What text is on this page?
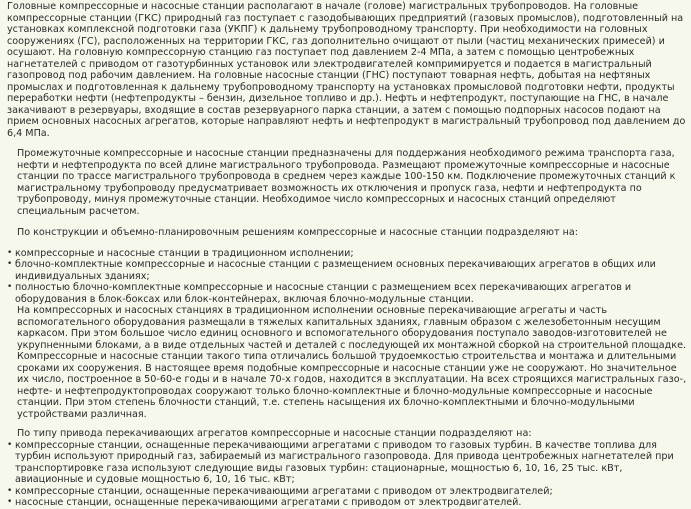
Головные компрессорные и насосные станции располагают в начале (голове) магистральных трубопроводов. На головные компрессорные станции (ГКС) природный газ поступает с газодобывающих предприятий (газовых промыслов), подготовленный на установках комплексной подготовки газа (УКПГ) к дальнему трубопроводному транспорту. При необходимости на головных сооружениях (ГС), расположенных на территории ГКС, газ дополнительно очищают от пыли (частиц механических примесей) и осушают. На головную компрессорную станцию газ поступает под давлением 2-4 МПа, а затем с помощью центробежных нагнетателей с приводом от газотурбинных установок или электродвигателей компримируется и подается в магистральный газопровод под рабочим давлением. На головные насосные станции (ГНС) поступают товарная нефть, добытая на нефтяных промыслах и подготовленная к дальнему трубопроводному транспорту на установках промысловой подготовки нефти, продукты переработки нефти (нефтепродукты – бензин, дизельное топливо и др.). Нефть и нефтепродукт, поступающие на ГНС, в начале закачивают в резервуары, входящие в состав резервуарного парка станции, а затем с помощью подпорных насосов подают на прием основных насосных агрегатов, которые направляют нефть и нефтепродукт в магистральный трубопровод под давлением до 6,4 МПа.

Промежуточные компрессорные и насосные станции предназначены для поддержания необходимого режима транспорта газа, нефти и нефтепродукта по всей длине магистрального трубопровода. Размещают промежуточные компрессорные и насосные станции по трассе магистрального трубопровода в среднем через каждые 100-150 км. Подключение промежуточных станций к магистральному трубопроводу предусматривает возможность их отключения и пропуск газа, нефти и нефтепродукта по трубопроводу, минуя промежуточные станции. Необходимое число компрессорных и насосных станций определяют специальным расчетом.

По конструкции и объемно-планировочным решениям компрессорные и насосные станции подразделяют на:

• компрессорные и насосные станции в традиционном исполнении;
• блочно-комплектные компрессорные и насосные станции с размещением основных перекачивающих агрегатов в общих или индивидуальных зданиях;
• полностью блочно-комплектные компрессорные и насосные станции с размещением всех перекачивающих агрегатов и оборудования в блок-боксах или блок-контейнерах, включая блочно-модульные станции.

На компрессорных и насосных станциях в традиционном исполнении основные перекачивающие агрегаты и часть вспомогательного оборудования размещали в тяжелых капитальных зданиях, главным образом с железобетонным несущим каркасом. При этом большое число единиц основного и вспомогательного оборудования поступало заводов-изготовителей не укрупненными блоками, а в виде отдельных частей и деталей с последующей их монтажной сборкой на строительной площадке. Компрессорные и насосные станции такого типа отличались большой трудоемкостью строительства и монтажа и длительными сроками их сооружения. В настоящее время подобные компрессорные и насосные станции уже не сооружают. Но значительное их число, построенное в 50-60-е годы и в начале 70-х годов, находится в эксплуатации. На всех строящихся магистральных газо-, нефте- и нефтепродуктопроводах сооружают только блочно-комплектные и блочно-модульные компрессорные и насосные станции. При этом степень блочности станций, т.е. степень насыщения их блочно-комплектными и блочно-модульными устройствами различная.

По типу привода перекачивающих агрегатов компрессорные и насосные станции подразделяют на:

• компрессорные станции, оснащенные перекачивающими агрегатами с приводом то газовых турбин. В качестве топлива для турбин используют природный газ, забираемый из магистрального газопровода. Для привода центробежных нагнетателей при транспортировке газа используют следующие виды газовых турбин: стационарные, мощностью 6, 10, 16, 25 тыс. кВт, авиационные и судовые мощностью 6, 10, 16 тыс. кВт;
• компрессорные станции, оснащенные перекачивающими агрегатами с приводом от электродвигателей;
• насосные станции, оснащенные перекачивающими агрегатами с приводом от электродвигателей.
